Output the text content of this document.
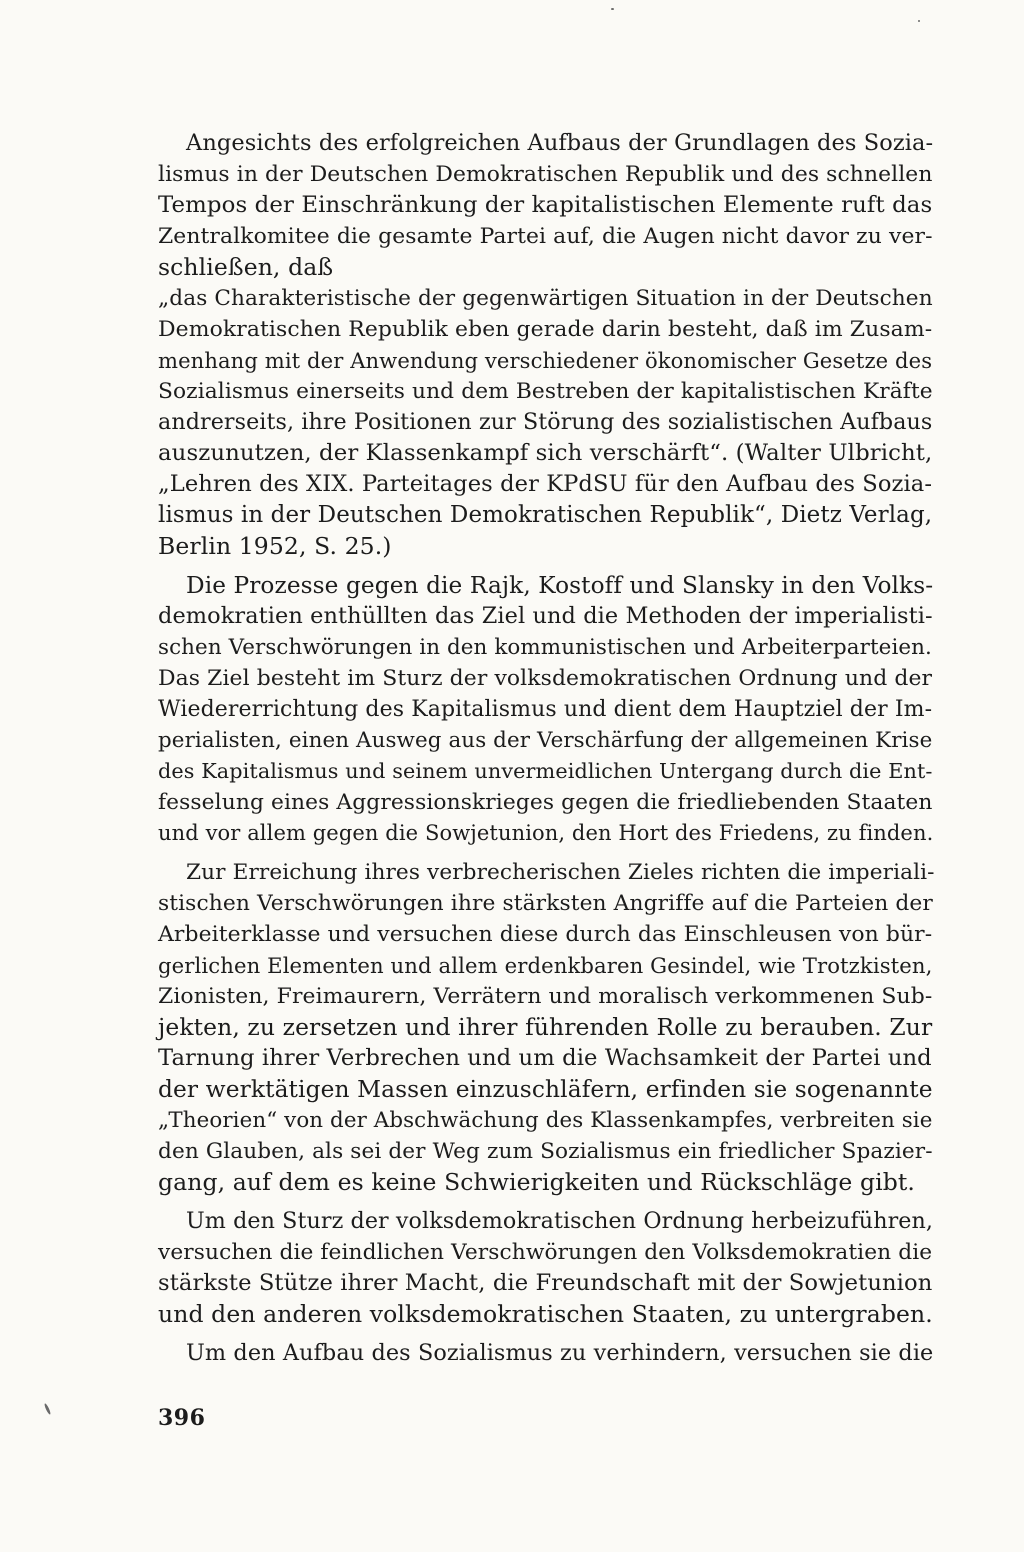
Angesichts des erfolgreichen Aufbaus der Grundlagen des Sozia-
lismus in der Deutschen Demokratischen Republik und des schnellen
Tempos der Einschränkung der kapitalistischen Elemente ruft das
Zentralkomitee die gesamte Partei auf, die Augen nicht davor zu ver-
schließen, daß
„das Charakteristische der gegenwärtigen Situation in der Deutschen
Demokratischen Republik eben gerade darin besteht, daß im Zusam-
menhang mit der Anwendung verschiedener ökonomischer Gesetze des
Sozialismus einerseits und dem Bestreben der kapitalistischen Kräfte
andrerseits, ihre Positionen zur Störung des sozialistischen Aufbaus
auszunutzen, der Klassenkampf sich verschärft“. (Walter Ulbricht,
„Lehren des XIX. Parteitages der KPdSU für den Aufbau des Sozia-
lismus in der Deutschen Demokratischen Republik“, Dietz Verlag,
Berlin 1952, S. 25.)
Die Prozesse gegen die Rajk, Kostoff und Slansky in den Volks-
demokratien enthüllten das Ziel und die Methoden der imperialisti-
schen Verschwörungen in den kommunistischen und Arbeiterparteien.
Das Ziel besteht im Sturz der volksdemokratischen Ordnung und der
Wiedererrichtung des Kapitalismus und dient dem Hauptziel der Im-
perialisten, einen Ausweg aus der Verschärfung der allgemeinen Krise
des Kapitalismus und seinem unvermeidlichen Untergang durch die Ent-
fesselung eines Aggressionskrieges gegen die friedliebenden Staaten
und vor allem gegen die Sowjetunion, den Hort des Friedens, zu finden.
Zur Erreichung ihres verbrecherischen Zieles richten die imperiali-
stischen Verschwörungen ihre stärksten Angriffe auf die Parteien der
Arbeiterklasse und versuchen diese durch das Einschleusen von bür-
gerlichen Elementen und allem erdenkbaren Gesindel, wie Trotzkisten,
Zionisten, Freimaurern, Verrätern und moralisch verkommenen Sub-
jekten, zu zersetzen und ihrer führenden Rolle zu berauben. Zur
Tarnung ihrer Verbrechen und um die Wachsamkeit der Partei und
der werktätigen Massen einzuschläfern, erfinden sie sogenannte
„Theorien“ von der Abschwächung des Klassenkampfes, verbreiten sie
den Glauben, als sei der Weg zum Sozialismus ein friedlicher Spazier-
gang, auf dem es keine Schwierigkeiten und Rückschläge gibt.
Um den Sturz der volksdemokratischen Ordnung herbeizuführen,
versuchen die feindlichen Verschwörungen den Volksdemokratien die
stärkste Stütze ihrer Macht, die Freundschaft mit der Sowjetunion
und den anderen volksdemokratischen Staaten, zu untergraben.
Um den Aufbau des Sozialismus zu verhindern, versuchen sie die
396
